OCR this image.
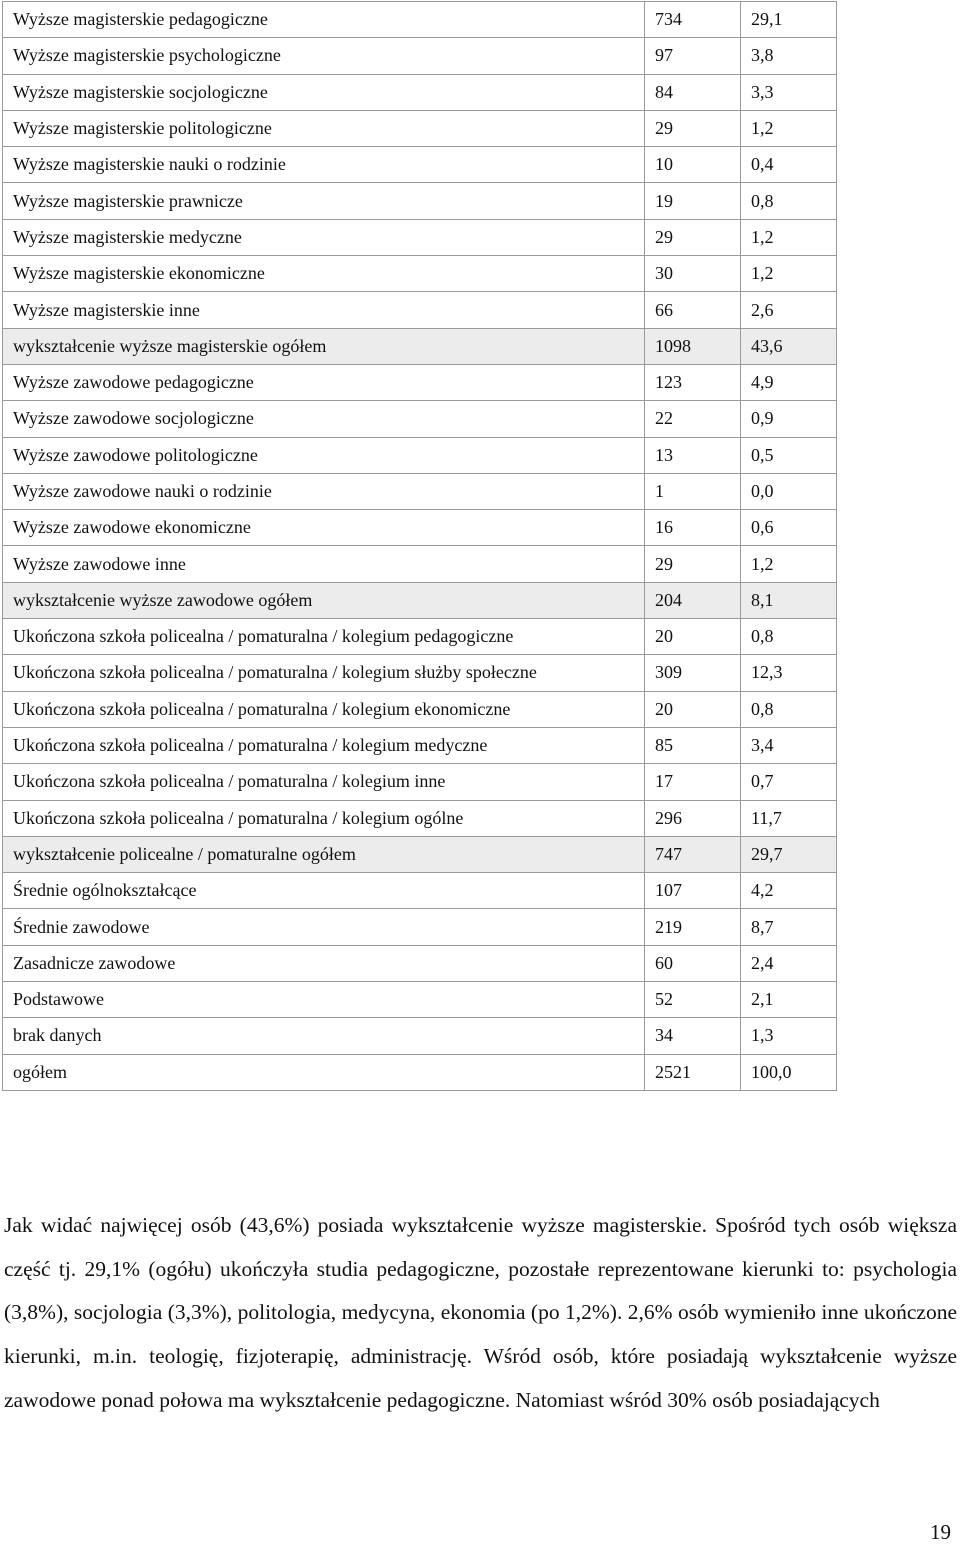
Wyższe magisterskie pedagogiczne	734	29,1
Wyższe magisterskie psychologiczne	97	3,8
Wyższe magisterskie socjologiczne	84	3,3
Wyższe magisterskie politologiczne	29	1,2
Wyższe magisterskie nauki o rodzinie	10	0,4
Wyższe magisterskie prawnicze	19	0,8
Wyższe magisterskie medyczne	29	1,2
Wyższe magisterskie ekonomiczne	30	1,2
Wyższe magisterskie inne	66	2,6
wykształcenie wyższe magisterskie ogółem	1098	43,6
Wyższe zawodowe pedagogiczne	123	4,9
Wyższe zawodowe socjologiczne	22	0,9
Wyższe zawodowe politologiczne	13	0,5
Wyższe zawodowe nauki o rodzinie	1	0,0
Wyższe zawodowe ekonomiczne	16	0,6
Wyższe zawodowe inne	29	1,2
wykształcenie wyższe zawodowe ogółem	204	8,1
Ukończona szkoła policealna / pomaturalna / kolegium pedagogiczne	20	0,8
Ukończona szkoła policealna / pomaturalna / kolegium służby społeczne	309	12,3
Ukończona szkoła policealna / pomaturalna / kolegium ekonomiczne	20	0,8
Ukończona szkoła policealna / pomaturalna / kolegium medyczne	85	3,4
Ukończona szkoła policealna / pomaturalna / kolegium inne	17	0,7
Ukończona szkoła policealna / pomaturalna / kolegium ogólne	296	11,7
wykształcenie policealne / pomaturalne ogółem	747	29,7
Średnie ogólnokształcące	107	4,2
Średnie zawodowe	219	8,7
Zasadnicze zawodowe	60	2,4
Podstawowe	52	2,1
brak danych	34	1,3
ogółem	2521	100,0

Jak widać najwięcej osób (43,6%) posiada wykształcenie wyższe magisterskie. Spośród tych osób większa część tj. 29,1% (ogółu) ukończyła studia pedagogiczne, pozostałe reprezentowane kierunki to: psychologia (3,8%), socjologia (3,3%), politologia, medycyna, ekonomia (po 1,2%). 2,6% osób wymieniło inne ukończone kierunki, m.in. teologię, fizjoterapię, administrację. Wśród osób, które posiadają wykształcenie wyższe zawodowe ponad połowa ma wykształcenie pedagogiczne. Natomiast wśród 30% osób posiadających

19
